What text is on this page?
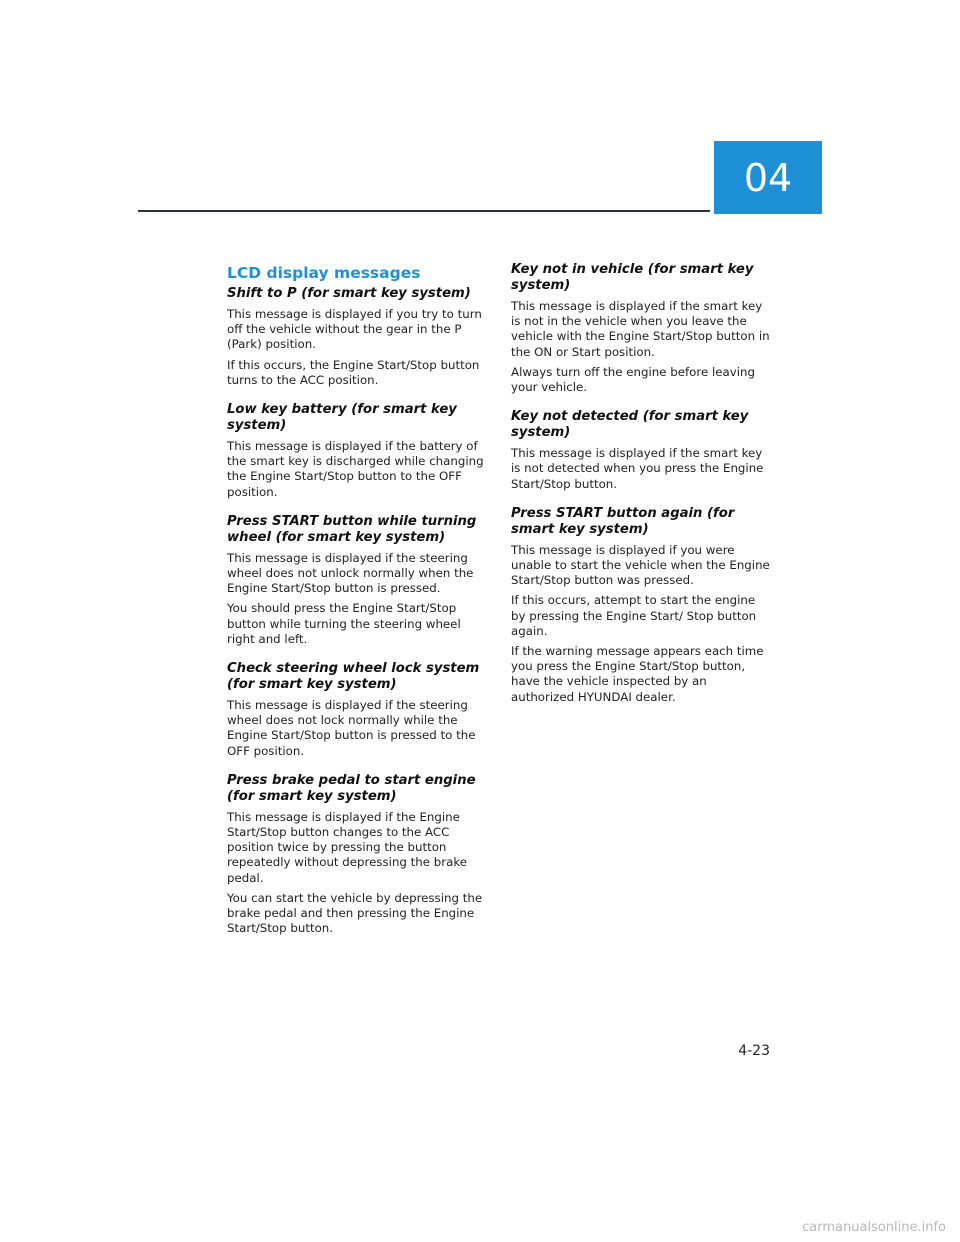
04
LCD display messages
Shift to P (for smart key system)

This message is displayed if you try to turn off the vehicle without the gear in the P (Park) position.

If this occurs, the Engine Start/Stop button turns to the ACC position.

Low key battery (for smart key system)

This message is displayed if the battery of the smart key is discharged while changing the Engine Start/Stop button to the OFF position.

Press START button while turning wheel (for smart key system)

This message is displayed if the steering wheel does not unlock normally when the Engine Start/Stop button is pressed.

You should press the Engine Start/Stop button while turning the steering wheel right and left.

Check steering wheel lock system (for smart key system)

This message is displayed if the steering wheel does not lock normally while the Engine Start/Stop button is pressed to the OFF position.

Press brake pedal to start engine (for smart key system)

This message is displayed if the Engine Start/Stop button changes to the ACC position twice by pressing the button repeatedly without depressing the brake pedal.

You can start the vehicle by depressing the brake pedal and then pressing the Engine Start/Stop button.

Key not in vehicle (for smart key system)

This message is displayed if the smart key is not in the vehicle when you leave the vehicle with the Engine Start/Stop button in the ON or Start position.

Always turn off the engine before leaving your vehicle.

Key not detected (for smart key system)

This message is displayed if the smart key is not detected when you press the Engine Start/Stop button.

Press START button again (for smart key system)

This message is displayed if you were unable to start the vehicle when the Engine Start/Stop button was pressed.

If this occurs, attempt to start the engine by pressing the Engine Start/ Stop button again.

If the warning message appears each time you press the Engine Start/Stop button, have the vehicle inspected by an authorized HYUNDAI dealer.

4-23
carmanualsonline.info
